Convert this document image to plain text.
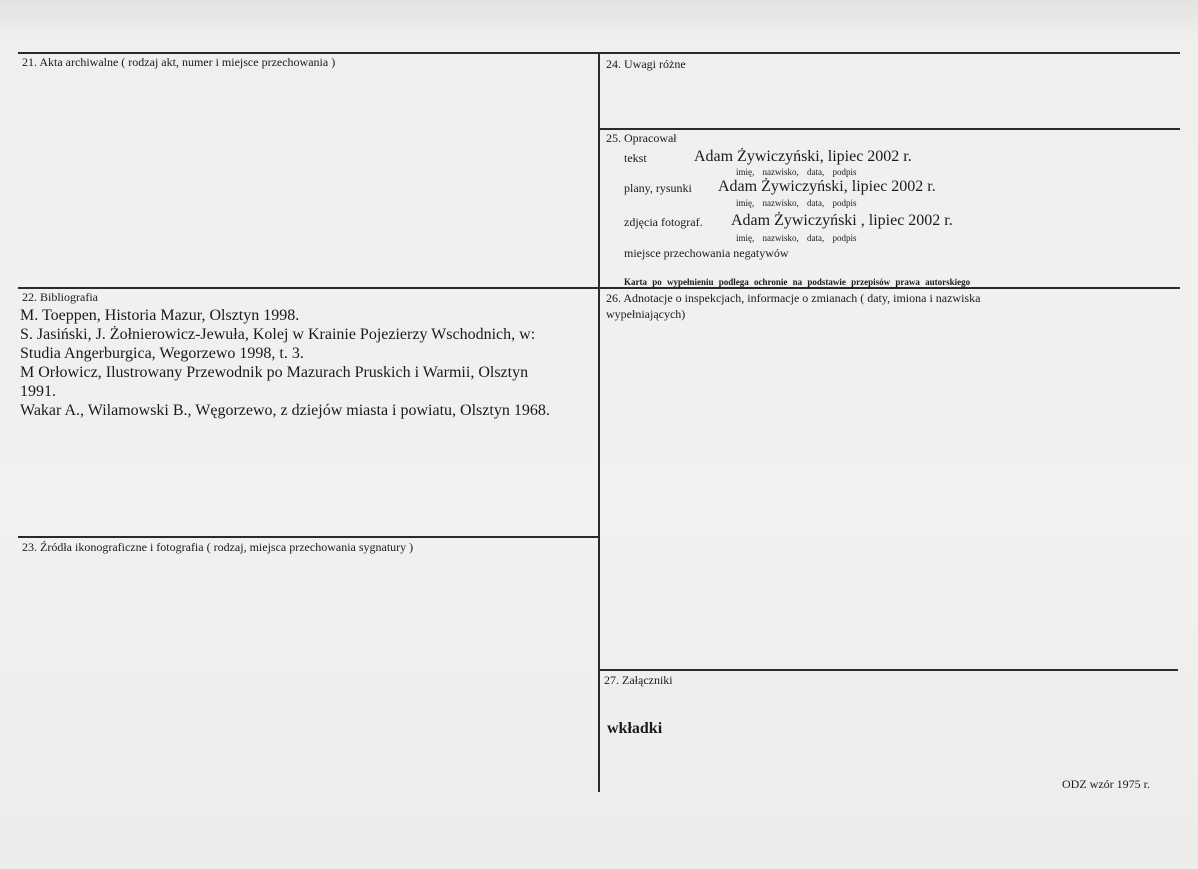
21. Akta archiwalne ( rodzaj akt, numer i miejsce przechowania )	24. Uwagi różne
25. Opracował
tekst	Adam Żywiczyński, lipiec 2002 r.
imię, nazwisko, data, podpis
plany, rysunki Adam Żywiczyński, lipiec 2002 r.
imię, nazwisko, data, podpis
zdjęcia fotograf. Adam Żywiczyński , lipiec 2002 r.
imię, nazwisko, data, podpis
miejsce przechowania negatywów
Karta po wypełnieniu podlega ochronie na podstawie przepisów prawa autorskiego
22. Bibliografia
M. Toeppen, Historia Mazur, Olsztyn 1998.
S. Jasiński, J. Żołnierowicz-Jewuła, Kolej w Krainie Pojezierzy Wschodnich, w:
Studia Angerburgica, Wegorzewo 1998, t. 3.
M Orłowicz, Ilustrowany Przewodnik po Mazurach Pruskich i Warmii, Olsztyn
1991.
Wakar A., Wilamowski B., Węgorzewo, z dziejów miasta i powiatu, Olsztyn 1968.
26. Adnotacje o inspekcjach, informacje o zmianach ( daty, imiona i nazwiska
wypełniających)
23. Źródła ikonograficzne i fotografia ( rodzaj, miejsca przechowania sygnatury )
27. Załączniki
wkładki
ODZ wzór 1975 r.
